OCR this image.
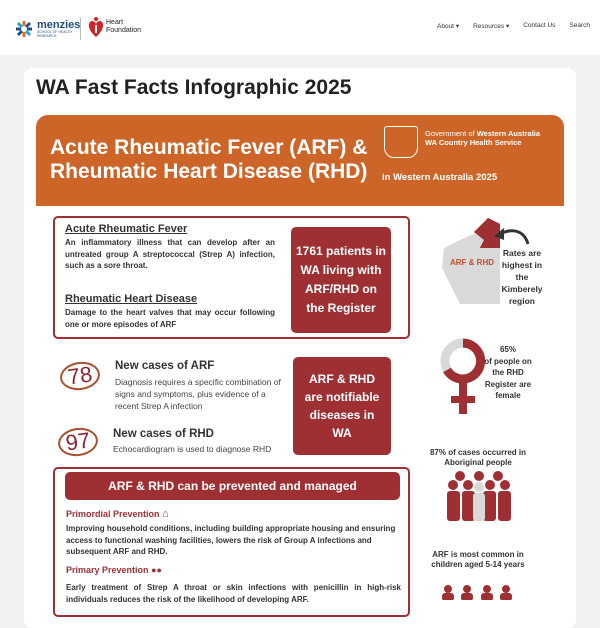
menzies
SCHOOL OF HEALTH RESEARCH
Heart Foundation
About ▾ Resources ▾ Contact Us Search
WA Fast Facts Infographic 2025
Acute Rheumatic Fever (ARF) &
Rheumatic Heart Disease (RHD)
Government of Western Australia
WA Country Health Service
in Western Australia 2025
Acute Rheumatic Fever
An inflammatory illness that can develop after an untreated group A streptococcal (Strep A) infection, such as a sore throat.
Rheumatic Heart Disease
Damage to the heart valves that may occur following one or more episodes of ARF
1761 patients in WA living with ARF/RHD on the Register
78	New cases of ARF
Diagnosis requires a specific combination of signs and symptoms, plus evidence of a recent Strep A infection
97	New cases of RHD
Echocardiogram is used to diagnose RHD
ARF & RHD are notifiable diseases in WA
ARF & RHD can be prevented and managed
Primordial Prevention ⌂
Improving household conditions, including building appropriate housing and ensuring access to functional washing facilities, lowers the risk of Group A infections and subsequent ARF and RHD.
Primary Prevention ●●
Early treatment of Strep A throat or skin infections with penicillin in high-risk individuals reduces the risk of the likelihood of developing ARF.
ARF & RHD
Rates are highest in the Kimberely region
65%
of people on the RHD Register are female
87% of cases occurred in Aboriginal people
ARF is most common in children aged 5-14 years
